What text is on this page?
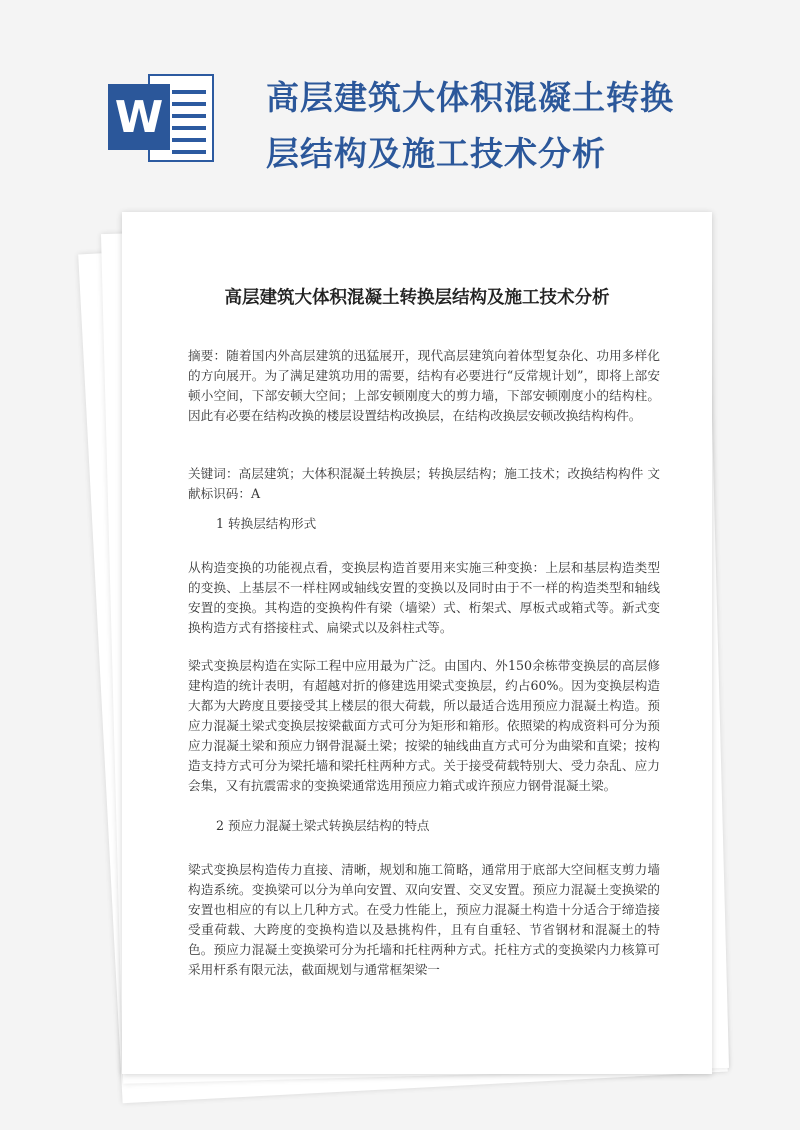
W	高层建筑大体积混凝土转换层结构及施工技术分析
高层建筑大体积混凝土转换层结构及施工技术分析

摘要：随着国内外高层建筑的迅猛展开，现代高层建筑向着体型复杂化、功用多样化的方向展开。为了满足建筑功用的需要，结构有必要进行“反常规计划”，即将上部安顿小空间，下部安顿大空间；上部安顿刚度大的剪力墙，下部安顿刚度小的结构柱。因此有必要在结构改换的楼层设置结构改换层，在结构改换层安顿改换结构构件。

关键词：高层建筑；大体积混凝土转换层；转换层结构；施工技术；改换结构构件 文献标识码：A

1 转换层结构形式

从构造变换的功能视点看，变换层构造首要用来实施三种变换：上层和基层构造类型的变换、上基层不一样柱网或轴线安置的变换以及同时由于不一样的构造类型和轴线安置的变换。其构造的变换构件有梁（墙梁）式、桁架式、厚板式或箱式等。新式变换构造方式有搭接柱式、扁梁式以及斜柱式等。

梁式变换层构造在实际工程中应用最为广泛。由国内、外150余栋带变换层的高层修建构造的统计表明，有超越对折的修建选用梁式变换层，约占60%。因为变换层构造大都为大跨度且要接受其上楼层的很大荷载，所以最适合选用预应力混凝土构造。预应力混凝土梁式变换层按梁截面方式可分为矩形和箱形。依照梁的构成资料可分为预应力混凝土梁和预应力钢骨混凝土梁；按梁的轴线曲直方式可分为曲梁和直梁；按构造支持方式可分为梁托墙和梁托柱两种方式。关于接受荷载特别大、受力杂乱、应力会集，又有抗震需求的变换梁通常选用预应力箱式或许预应力钢骨混凝土梁。

2 预应力混凝土梁式转换层结构的特点

梁式变换层构造传力直接、清晰，规划和施工简略，通常用于底部大空间框支剪力墙构造系统。变换梁可以分为单向安置、双向安置、交叉安置。预应力混凝土变换梁的安置也相应的有以上几种方式。在受力性能上，预应力混凝土构造十分适合于缔造接受重荷载、大跨度的变换构造以及悬挑构件，且有自重轻、节省钢材和混凝土的特色。预应力混凝土变换梁可分为托墙和托柱两种方式。托柱方式的变换梁内力核算可采用杆系有限元法，截面规划与通常框架梁一
